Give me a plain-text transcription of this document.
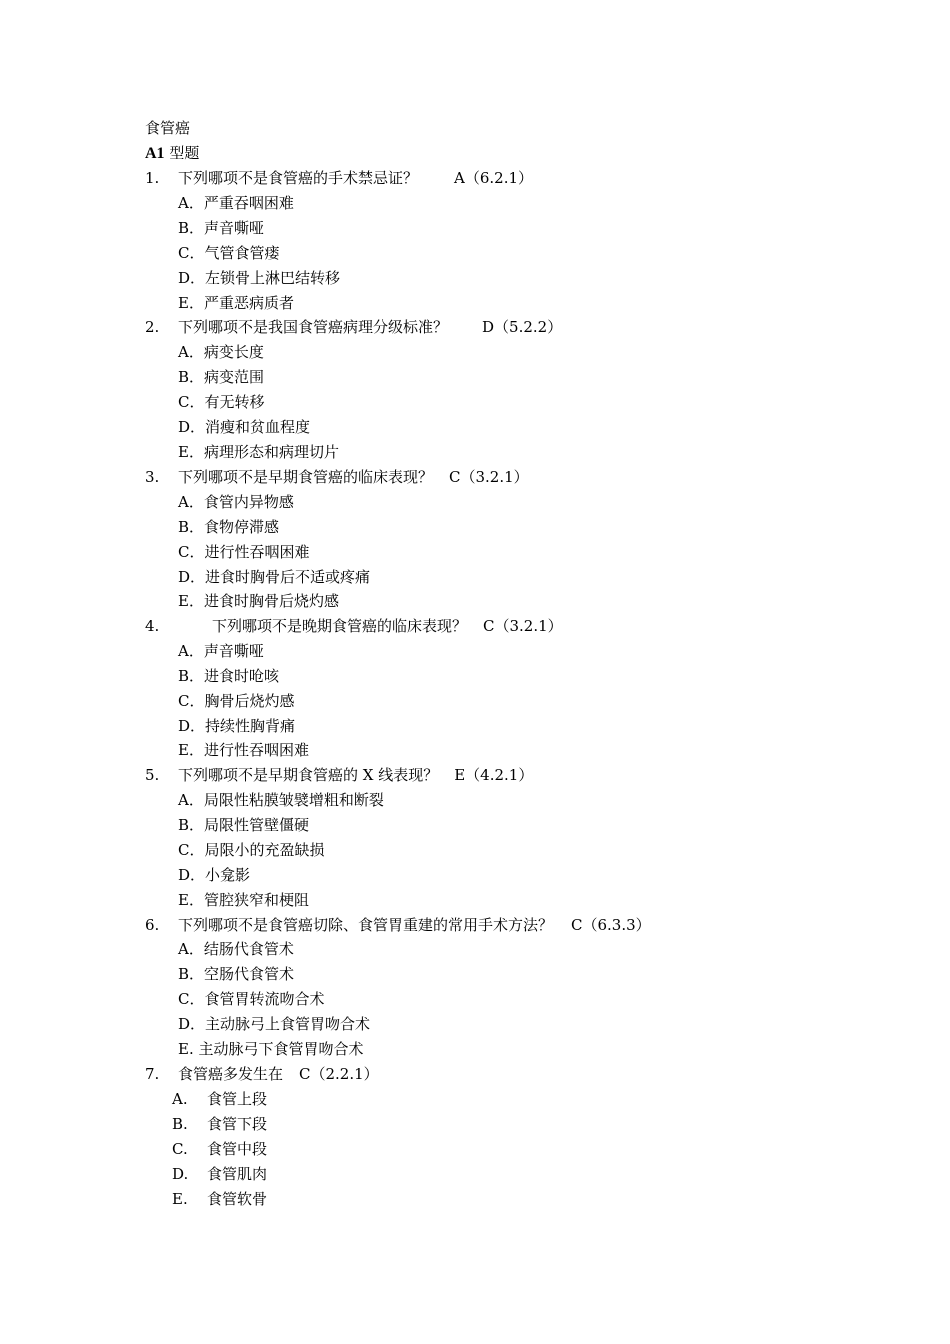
食管癌
A1 型题
1. 下列哪项不是食管癌的手术禁忌证？ A（6.2.1）
A．严重吞咽困难
B．声音嘶哑
C．气管食管瘘
D．左锁骨上淋巴结转移
E．严重恶病质者
2. 下列哪项不是我国食管癌病理分级标准？ D（5.2.2）
A．病变长度
B．病变范围
C．有无转移
D．消瘦和贫血程度
E．病理形态和病理切片
3. 下列哪项不是早期食管癌的临床表现？ C（3.2.1）
A．食管内异物感
B．食物停滞感
C．进行性吞咽困难
D．进食时胸骨后不适或疼痛
E．进食时胸骨后烧灼感
4.	下列哪项不是晚期食管癌的临床表现？ C（3.2.1）
A．声音嘶哑
B．进食时呛咳
C．胸骨后烧灼感
D．持续性胸背痛
E．进行性吞咽困难
5. 下列哪项不是早期食管癌的 X 线表现？ E（4.2.1）
A．局限性粘膜皱襞增粗和断裂
B．局限性管壁僵硬
C．局限小的充盈缺损
D．小龛影
E．管腔狭窄和梗阻
6. 下列哪项不是食管癌切除、食管胃重建的常用手术方法？ C（6.3.3）
A．结肠代食管术
B．空肠代食管术
C．食管胃转流吻合术
D．主动脉弓上食管胃吻合术
E. 主动脉弓下食管胃吻合术
7. 食管癌多发生在 C（2.2.1）
A. 食管上段
B. 食管下段
C. 食管中段
D. 食管肌肉
E. 食管软骨
